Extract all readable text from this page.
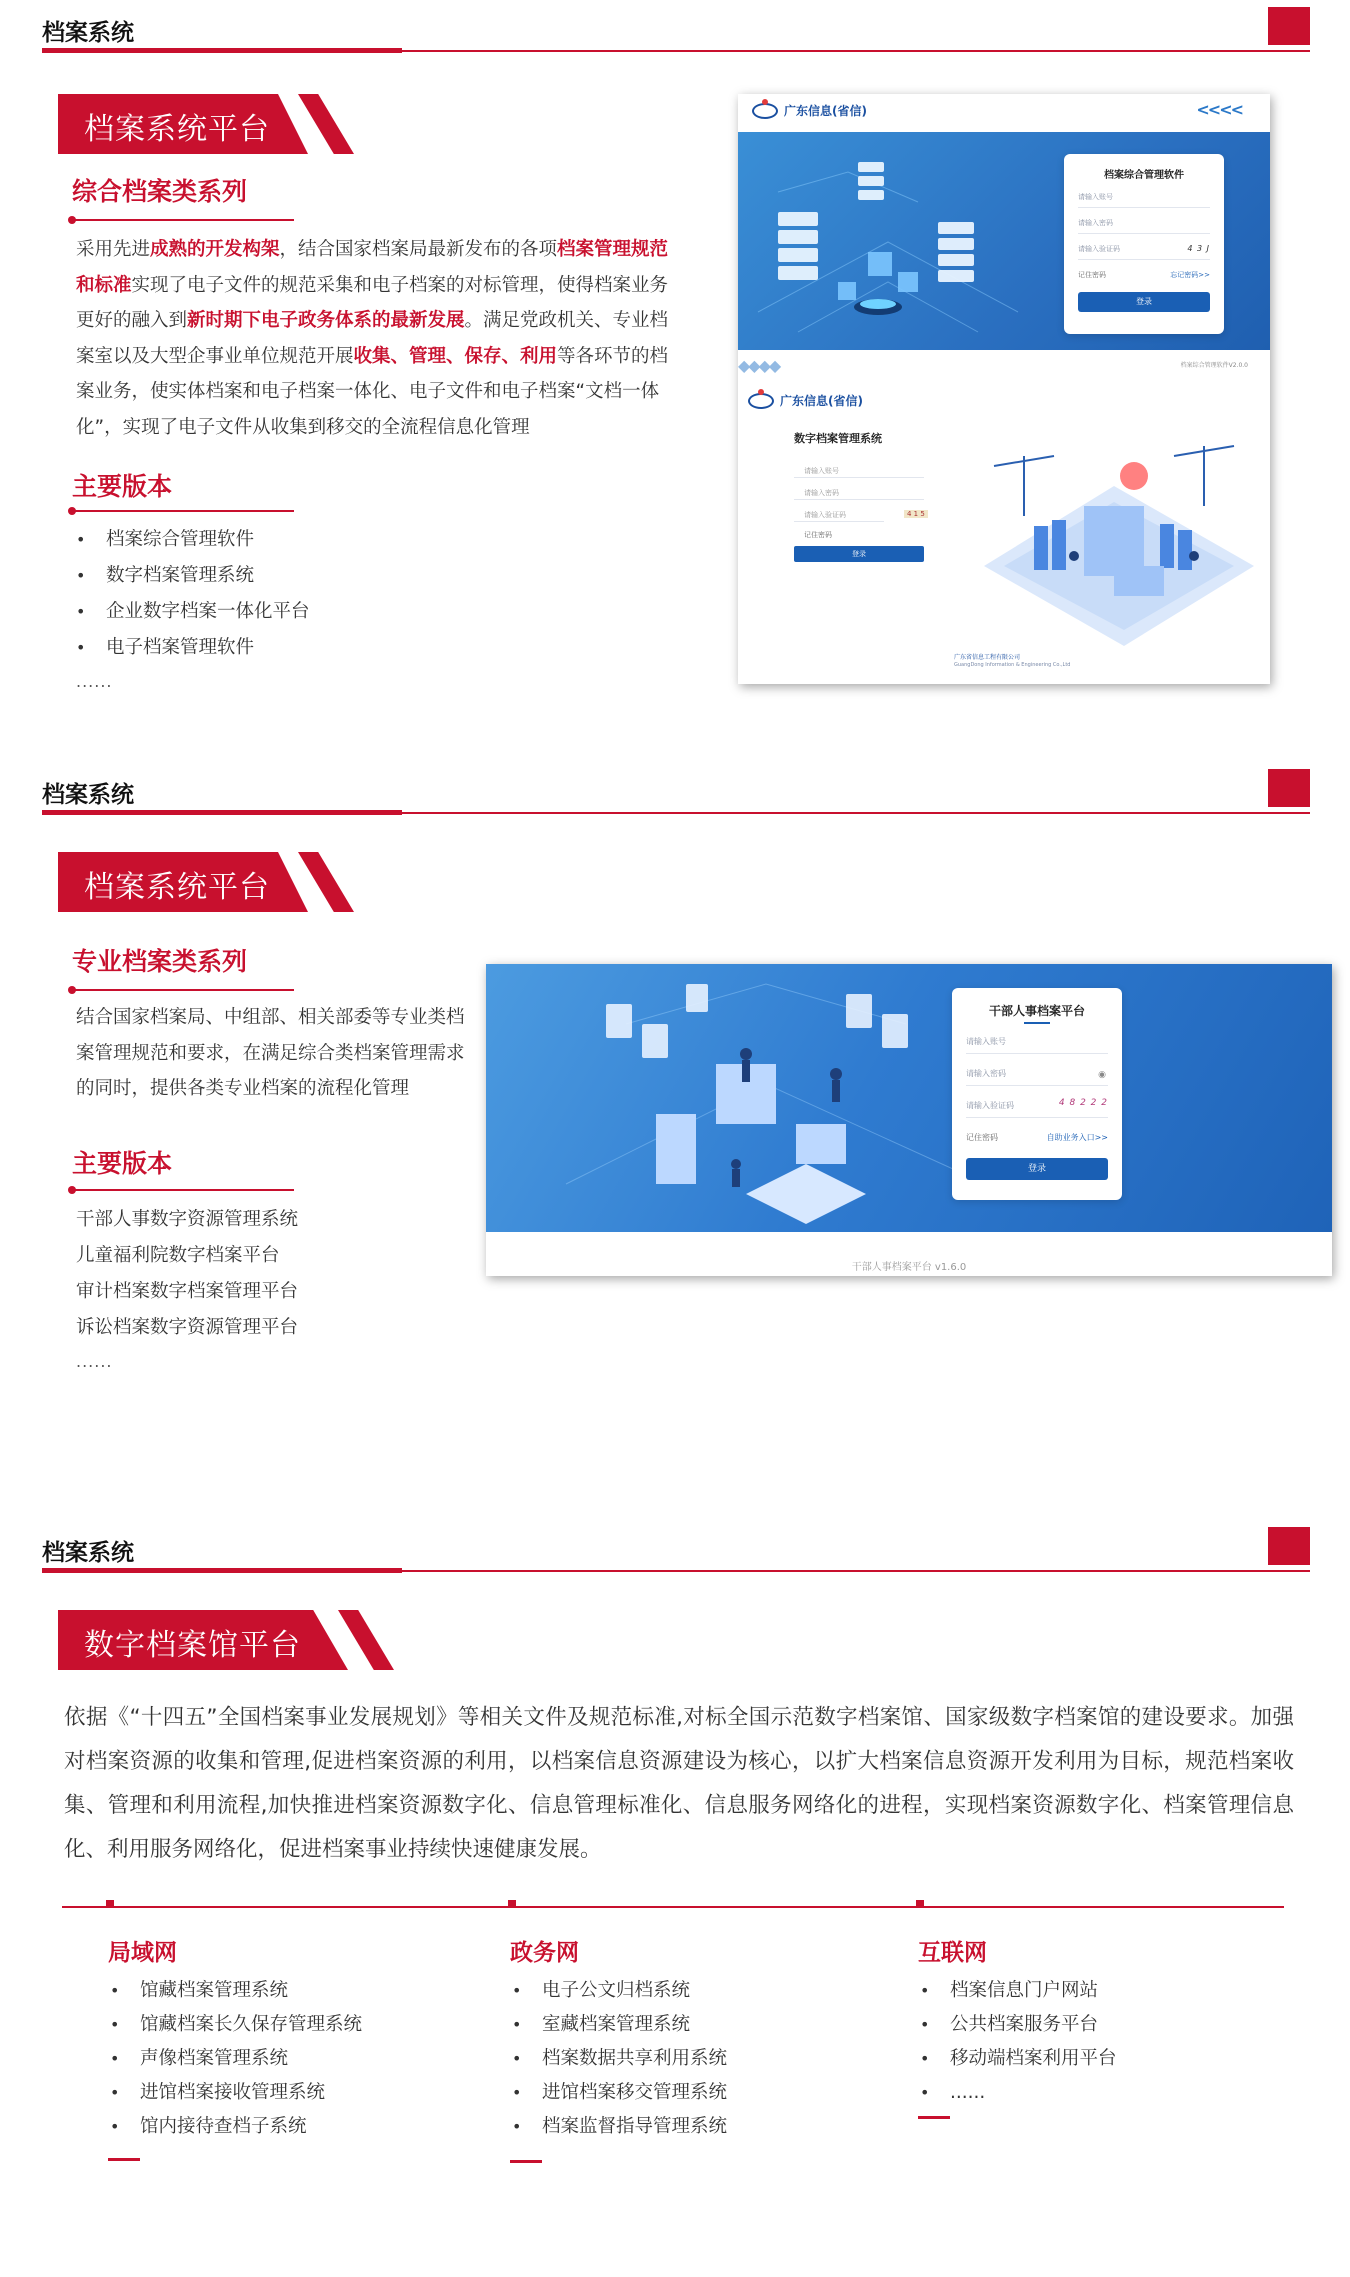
档案系统
档案系统平台
综合档案类系列
采用先进成熟的开发构架，结合国家档案局最新发布的各项档案管理规范和标准实现了电子文件的规范采集和电子档案的对标管理，使得档案业务更好的融入到新时期下电子政务体系的最新发展。满足党政机关、专业档案室以及大型企事业单位规范开展收集、管理、保存、利用等各环节的档案业务，使实体档案和电子档案一体化、电子文件和电子档案“文档一体化”，实现了电子文件从收集到移交的全流程信息化管理
主要版本
• 档案综合管理软件
• 数字档案管理系统
• 企业数字档案一体化平台
• 电子档案管理软件
......
广东信息(省信)	<<<<
档案综合管理软件
请输入账号
请输入密码
请输入验证码	4 3 J
记住密码	忘记密码>>
登录
档案综合管理软件V2.0.0
广东信息(省信)
◆◆◆◆
数字档案管理系统
请输入账号
请输入密码
请输入验证码	4 1 5
记住密码
登录
广东省信息工程有限公司
GuangDong Information & Engineering Co.,Ltd
档案系统
档案系统平台
专业档案类系列
结合国家档案局、中组部、相关部委等专业类档案管理规范和要求，在满足综合类档案管理需求的同时，提供各类专业档案的流程化管理
主要版本
干部人事数字资源管理系统
儿童福利院数字档案平台
审计档案数字档案管理平台
诉讼档案数字资源管理平台
......
干部人事档案平台
请输入账号
请输入密码	◉
请输入验证码	4 8 2 2 2
记住密码	自助业务入口>>
登录
干部人事档案平台 v1.6.0
档案系统
数字档案馆平台
依据《“十四五”全国档案事业发展规划》等相关文件及规范标准,对标全国示范数字档案馆、国家级数字档案馆的建设要求。加强对档案资源的收集和管理,促进档案资源的利用，以档案信息资源建设为核心，以扩大档案信息资源开发利用为目标，规范档案收集、管理和利用流程,加快推进档案资源数字化、信息管理标准化、信息服务网络化的进程，实现档案资源数字化、档案管理信息化、利用服务网络化，促进档案事业持续快速健康发展。
局域网
• 馆藏档案管理系统
• 馆藏档案长久保存管理系统
• 声像档案管理系统
• 进馆档案接收管理系统
• 馆内接待查档子系统
政务网
• 电子公文归档系统
• 室藏档案管理系统
• 档案数据共享利用系统
• 进馆档案移交管理系统
• 档案监督指导管理系统
互联网
• 档案信息门户网站
• 公共档案服务平台
• 移动端档案利用平台
• ......
